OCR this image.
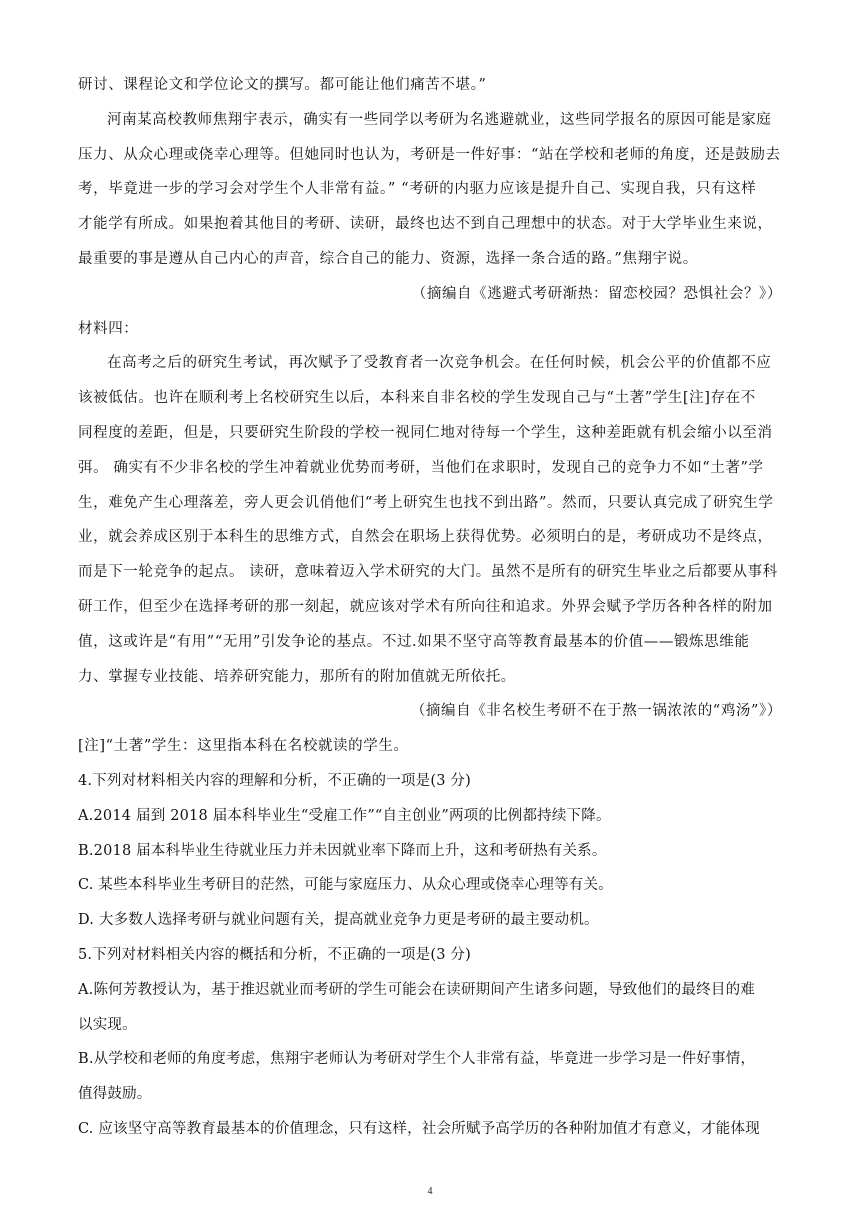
研讨、课程论文和学位论文的撰写。都可能让他们痛苦不堪。”
河南某高校教师焦翔宇表示，确实有一些同学以考研为名逃避就业，这些同学报名的原因可能是家庭
压力、从众心理或侥幸心理等。但她同时也认为，考研是一件好事：“站在学校和老师的角度，还是鼓励去
考，毕竟进一步的学习会对学生个人非常有益。” “考研的内驱力应该是提升自己、实现自我，只有这样
才能学有所成。如果抱着其他目的考研、读研，最终也达不到自己理想中的状态。对于大学毕业生来说，
最重要的事是遵从自己内心的声音，综合自己的能力、资源，选择一条合适的路。”焦翔宇说。
（摘编自《逃避式考研渐热：留恋校园？恐惧社会？》）
材料四：
在高考之后的研究生考试，再次赋予了受教育者一次竞争机会。在任何时候，机会公平的价值都不应
该被低估。也许在顺利考上名校研究生以后，本科来自非名校的学生发现自己与“土著”学生[注]存在不
同程度的差距，但是，只要研究生阶段的学校一视同仁地对待每一个学生，这种差距就有机会缩小以至消
弭。 确实有不少非名校的学生冲着就业优势而考研，当他们在求职时，发现自己的竞争力不如“土著”学
生，难免产生心理落差，旁人更会讥俏他们“考上研究生也找不到出路”。然而，只要认真完成了研究生学
业，就会养成区别于本科生的思维方式，自然会在职场上获得优势。必须明白的是，考研成功不是终点，
而是下一轮竞争的起点。 读研，意味着迈入学术研究的大门。虽然不是所有的研究生毕业之后都要从事科
研工作，但至少在选择考研的那一刻起，就应该对学术有所向往和追求。外界会赋予学历各种各样的附加
值，这或许是“有用”“无用”引发争论的基点。不过.如果不坚守高等教育最基本的价值——锻炼思维能
力、掌握专业技能、培养研究能力，那所有的附加值就无所依托。
（摘编自《非名校生考研不在于熬一锅浓浓的“鸡汤”》）
[注]“土著”学生：这里指本科在名校就读的学生。
4.下列对材料相关内容的理解和分析，不正确的一项是(3 分)
A.2014 届到 2018 届本科毕业生“受雇工作”“自主创业”两项的比例都持续下降。
B.2018 届本科毕业生待就业压力并未因就业率下降而上升，这和考研热有关系。
C. 某些本科毕业生考研目的茫然，可能与家庭压力、从众心理或侥幸心理等有关。
D. 大多数人选择考研与就业问题有关，提高就业竞争力更是考研的最主要动机。
5.下列对材料相关内容的概括和分析，不正确的一项是(3 分)
A.陈何芳教授认为，基于推迟就业而考研的学生可能会在读研期间产生诸多问题，导致他们的最终目的难
以实现。
B.从学校和老师的角度考虑，焦翔宇老师认为考研对学生个人非常有益，毕竟进一步学习是一件好事情，
值得鼓励。
C. 应该坚守高等教育最基本的价值理念，只有这样，社会所赋予高学历的各种附加值才有意义，才能体现
4
